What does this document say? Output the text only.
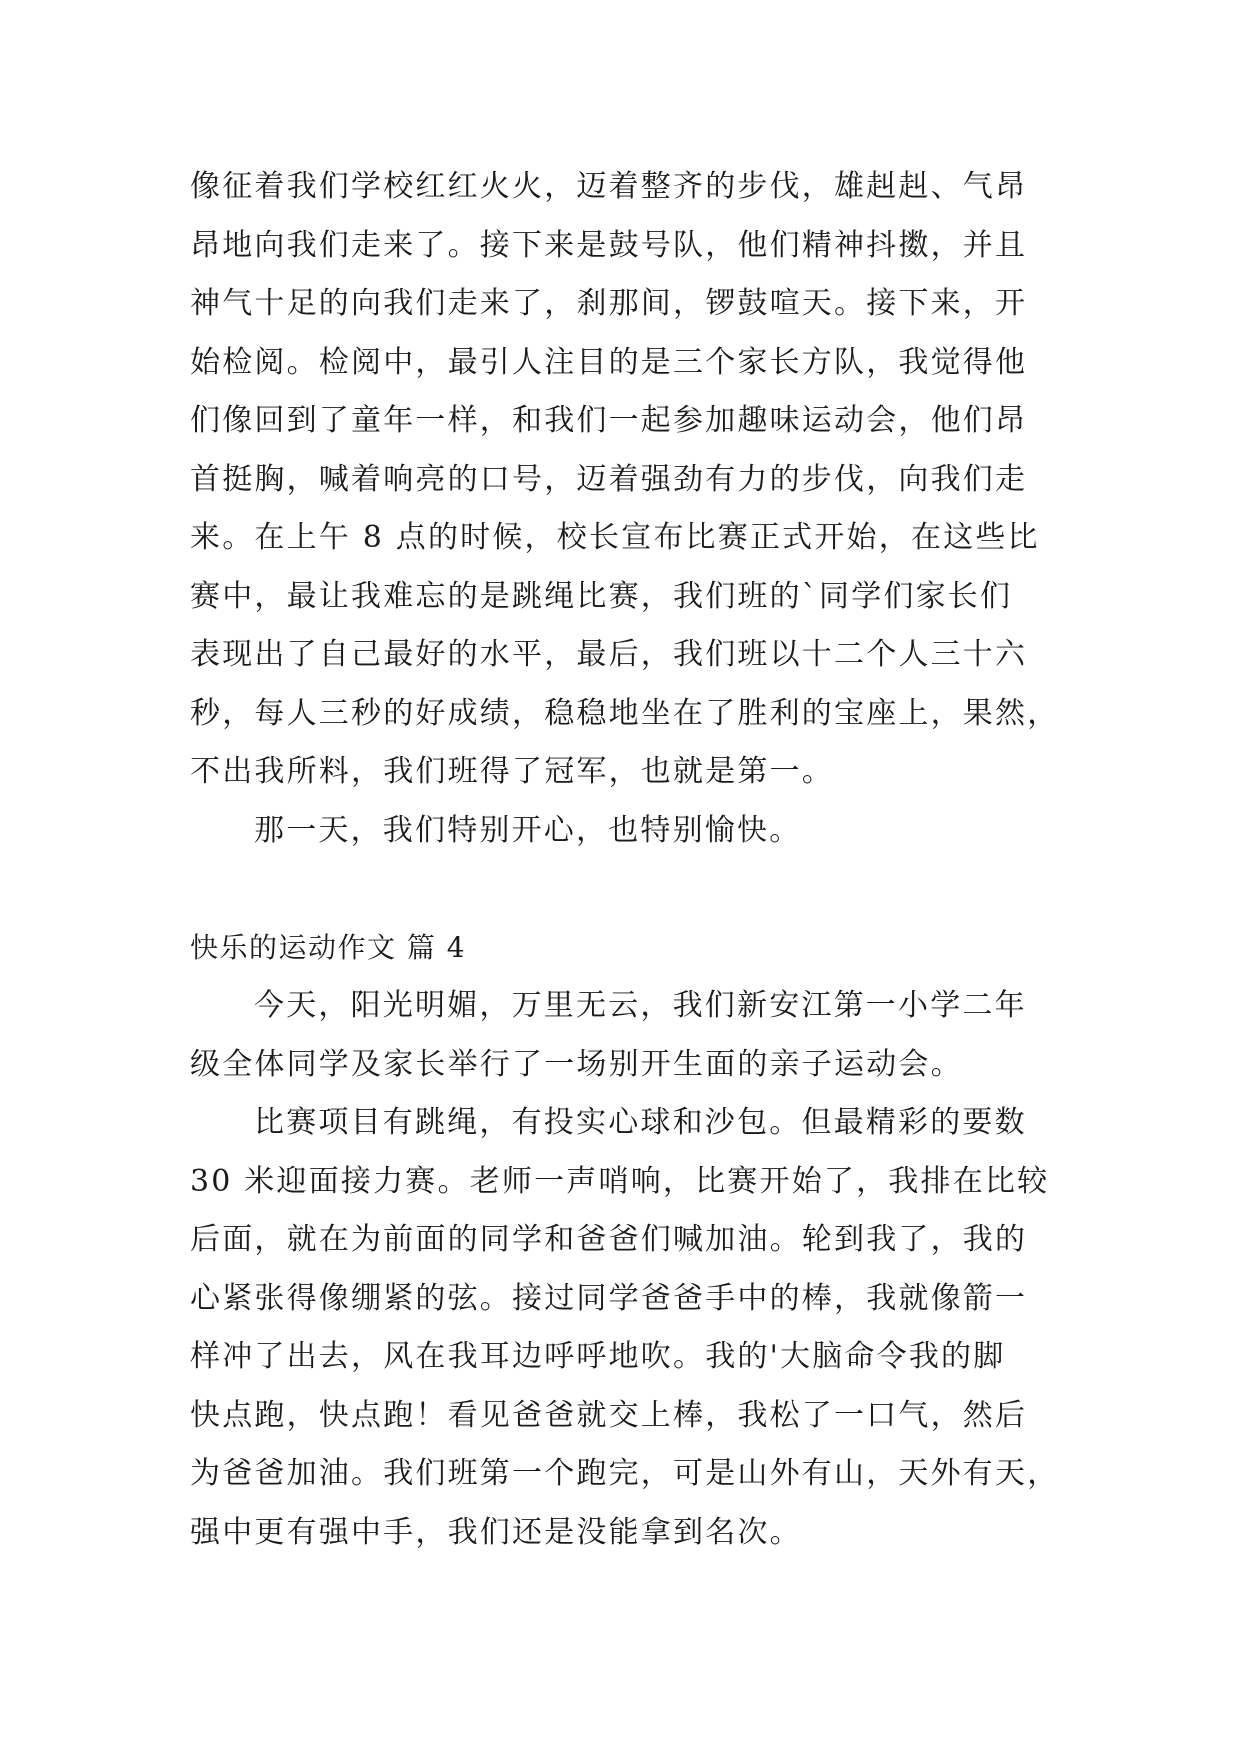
像征着我们学校红红火火，迈着整齐的步伐，雄赳赳、气昂
昂地向我们走来了。接下来是鼓号队，他们精神抖擞，并且
神气十足的向我们走来了，刹那间，锣鼓喧天。接下来，开
始检阅。检阅中，最引人注目的是三个家长方队，我觉得他
们像回到了童年一样，和我们一起参加趣味运动会，他们昂
首挺胸，喊着响亮的口号，迈着强劲有力的步伐，向我们走
来。在上午 8 点的时候，校长宣布比赛正式开始，在这些比
赛中，最让我难忘的是跳绳比赛，我们班的`同学们家长们
表现出了自己最好的水平，最后，我们班以十二个人三十六
秒，每人三秒的好成绩，稳稳地坐在了胜利的宝座上，果然，
不出我所料，我们班得了冠军，也就是第一。
那一天，我们特别开心，也特别愉快。
快乐的运动作文 篇 4
今天，阳光明媚，万里无云，我们新安江第一小学二年
级全体同学及家长举行了一场别开生面的亲子运动会。
比赛项目有跳绳，有投实心球和沙包。但最精彩的要数
30 米迎面接力赛。老师一声哨响，比赛开始了，我排在比较
后面，就在为前面的同学和爸爸们喊加油。轮到我了，我的
心紧张得像绷紧的弦。接过同学爸爸手中的棒，我就像箭一
样冲了出去，风在我耳边呼呼地吹。我的'大脑命令我的脚
快点跑，快点跑！看见爸爸就交上棒，我松了一口气，然后
为爸爸加油。我们班第一个跑完，可是山外有山，天外有天，
强中更有强中手，我们还是没能拿到名次。
